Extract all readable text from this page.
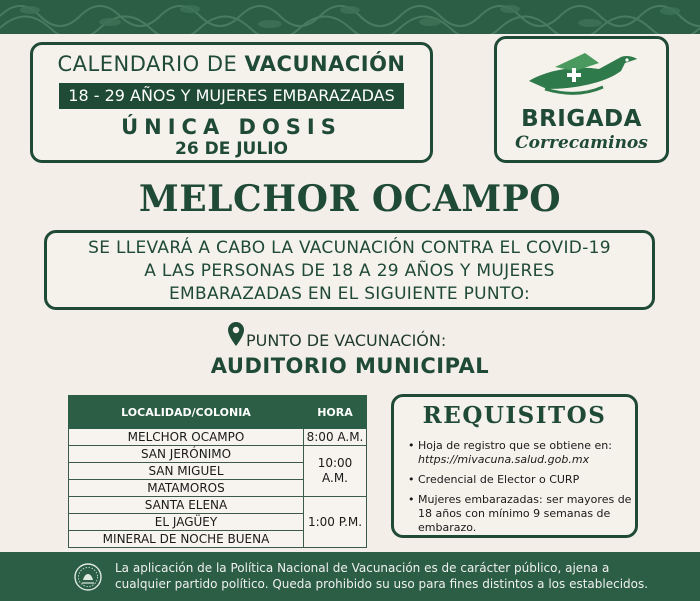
CALENDARIO DE VACUNACIÓN
18 - 29 AÑOS Y MUJERES EMBARAZADAS
ÚNICA DOSIS
26 DE JULIO
BRIGADA
Correcaminos
MELCHOR OCAMPO
SE LLEVARÁ A CABO LA VACUNACIÓN CONTRA EL COVID-19
A LAS PERSONAS DE 18 A 29 AÑOS Y MUJERES
EMBARAZADAS EN EL SIGUIENTE PUNTO:
PUNTO DE VACUNACIÓN:
AUDITORIO MUNICIPAL
LOCALIDAD/COLONIA	HORA
MELCHOR OCAMPO	8:00 A.M.
SAN JERÓNIMO	10:00 A.M.
SAN MIGUEL	
MATAMOROS	
SANTA ELENA	1:00 P.M.
EL JAGÜEY	
MINERAL DE NOCHE BUENA	
REQUISITOS
• Hoja de registro que se obtiene en: https://mivacuna.salud.gob.mx
• Credencial de Elector o CURP
• Mujeres embarazadas: ser mayores de 18 años con mínimo 9 semanas de embarazo.
La aplicación de la Política Nacional de Vacunación es de carácter público, ajena a
cualquier partido político. Queda prohibido su uso para fines distintos a los establecidos.
